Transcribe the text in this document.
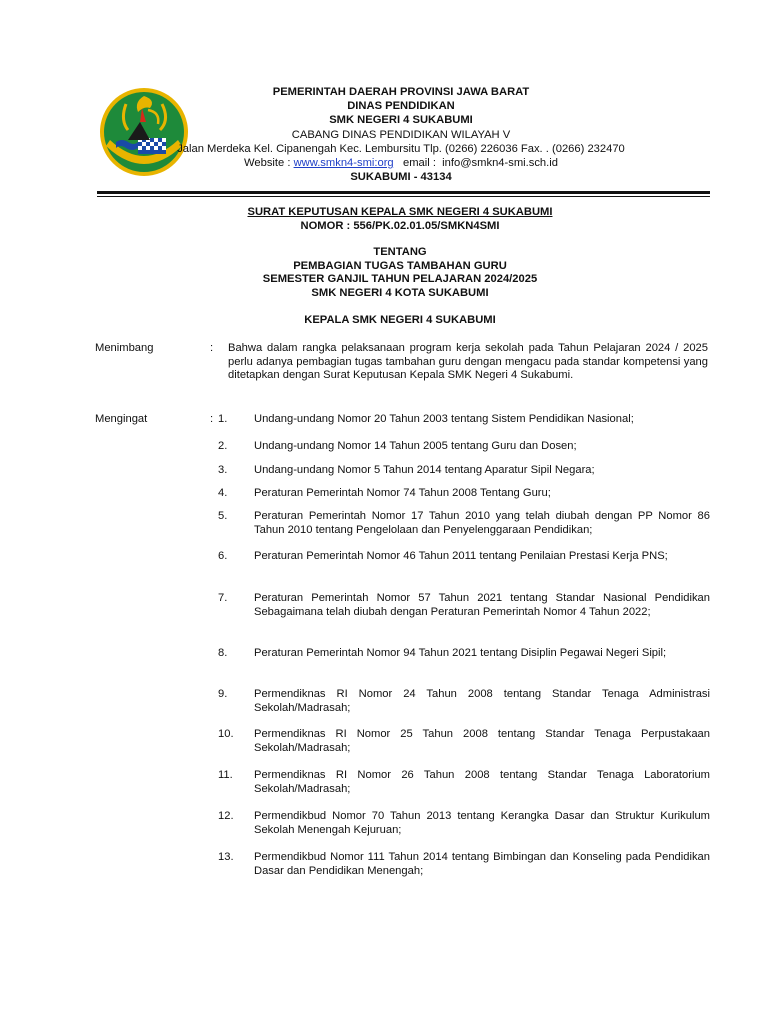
PEMERINTAH DAERAH PROVINSI JAWA BARAT
DINAS PENDIDIKAN
SMK NEGERI 4 SUKABUMI
CABANG DINAS PENDIDIKAN WILAYAH V
Jalan Merdeka Kel. Cipanengah Kec. Lembursitu Tlp. (0266) 226036 Fax. . (0266) 232470
Website : www.smkn4-smi:org   email :  info@smkn4-smi.sch.id
SUKABUMI - 43134
SURAT KEPUTUSAN KEPALA SMK NEGERI 4 SUKABUMI
NOMOR : 556/PK.02.01.05/SMKN4SMI
TENTANG
PEMBAGIAN TUGAS TAMBAHAN GURU
SEMESTER GANJIL TAHUN PELAJARAN 2024/2025
SMK NEGERI 4 KOTA SUKABUMI
KEPALA SMK NEGERI 4 SUKABUMI
Menimbang	: Bahwa dalam rangka pelaksanaan program kerja sekolah pada Tahun Pelajaran 2024 / 2025 perlu adanya pembagian tugas tambahan guru dengan mengacu pada standar kompetensi yang ditetapkan dengan Surat Keputusan Kepala SMK Negeri 4 Sukabumi.
Mengingat	: 1.	Undang-undang Nomor 20 Tahun 2003 tentang Sistem Pendidikan Nasional;
2.	Undang-undang Nomor 14 Tahun 2005 tentang Guru dan Dosen;
3.	Undang-undang Nomor 5 Tahun 2014 tentang Aparatur Sipil Negara;
4.	Peraturan Pemerintah Nomor 74 Tahun 2008 Tentang Guru;
5.	Peraturan Pemerintah Nomor 17 Tahun 2010 yang telah diubah dengan PP Nomor 86 Tahun 2010 tentang Pengelolaan dan Penyelenggaraan Pendidikan;
6.	Peraturan Pemerintah Nomor 46 Tahun 2011 tentang Penilaian Prestasi Kerja PNS;
7.	Peraturan Pemerintah Nomor 57 Tahun 2021 tentang Standar Nasional Pendidikan Sebagaimana telah diubah dengan Peraturan Pemerintah Nomor 4 Tahun 2022;
8.	Peraturan Pemerintah Nomor 94 Tahun 2021 tentang Disiplin Pegawai Negeri Sipil;
9.	Permendiknas RI Nomor 24 Tahun 2008 tentang Standar Tenaga Administrasi Sekolah/Madrasah;
10.	Permendiknas RI Nomor 25 Tahun 2008 tentang Standar Tenaga Perpustakaan Sekolah/Madrasah;
11.	Permendiknas RI Nomor 26 Tahun 2008 tentang Standar Tenaga Laboratorium Sekolah/Madrasah;
12.	Permendikbud Nomor 70 Tahun 2013 tentang Kerangka Dasar dan Struktur Kurikulum Sekolah Menengah Kejuruan;
13.	Permendikbud Nomor 111 Tahun 2014 tentang Bimbingan dan Konseling pada Pendidikan Dasar dan Pendidikan Menengah;
